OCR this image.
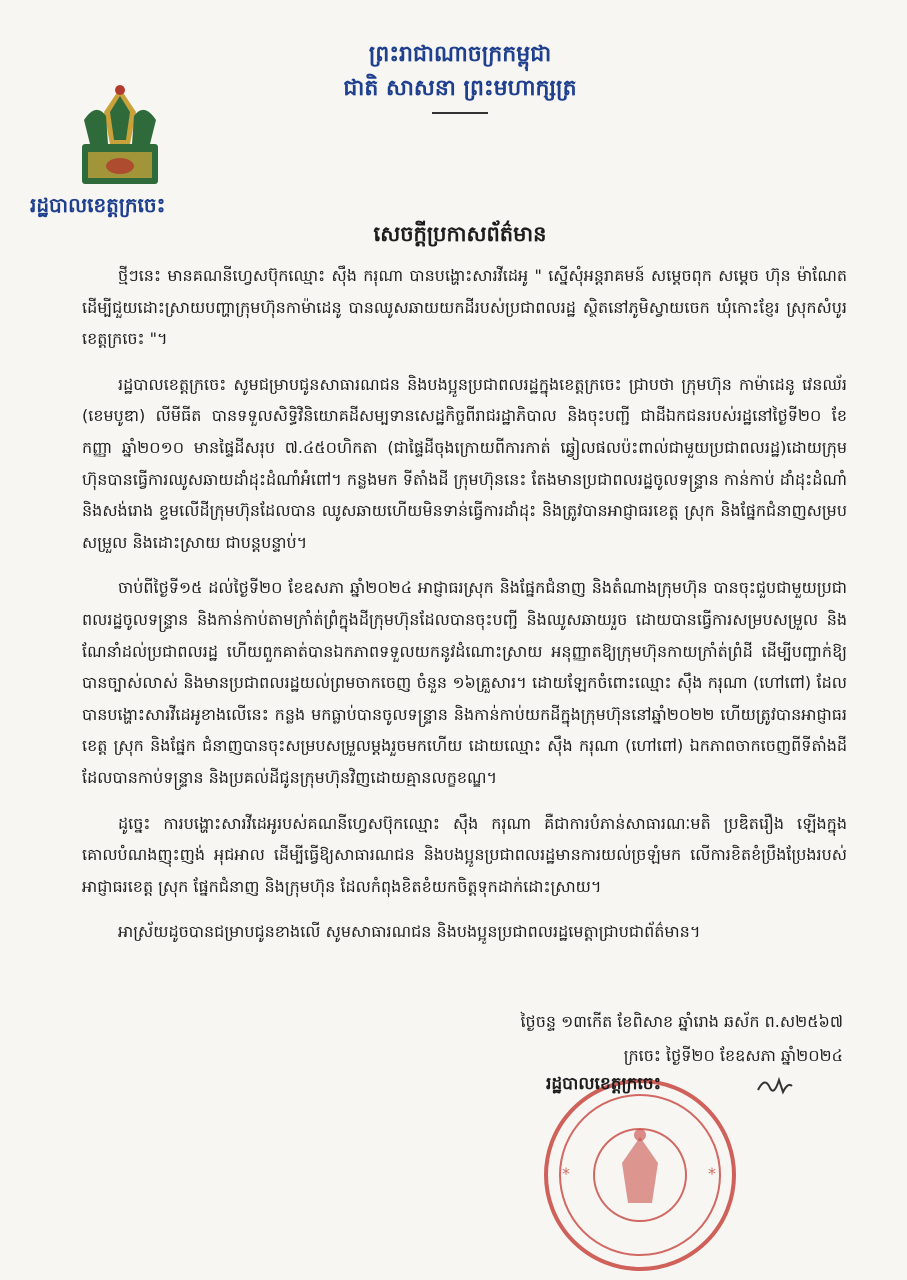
ព្រះរាជាណាចក្រកម្ពុជា
ជាតិ សាសនា ព្រះមហាក្សត្រ
រដ្ឋបាលខេត្តក្រចេះ
សេចក្ដីប្រកាសព័ត៌មាន

ថ្មីៗនេះ មានគណនីហ្វេសប៊ុកឈ្មោះ ស៊ឹង ករុណា បានបង្ហោះសារវីដេអូ " ស្នើសុំអន្តរាគមន៍ សម្ដេចពុក សម្ដេច ហ៊ុន ម៉ាណែត ដើម្បីជួយដោះស្រាយបញ្ហាក្រុមហ៊ុនកាម៉ាដេនូ បានឈូសឆាយយកដីរបស់ប្រជាពលរដ្ឋ ស្ថិតនៅភូមិស្វាយចេក ឃុំកោះខ្ញែរ ស្រុកសំបូរ ខេត្តក្រចេះ "។

រដ្ឋបាលខេត្តក្រចេះ សូមជម្រាបជូនសាធារណជន និងបងប្អូនប្រជាពលរដ្ឋក្នុងខេត្តក្រចេះ ជ្រាបថា ក្រុមហ៊ុន កាម៉ាដេនូ វេនឈ័រ (ខេមបូឌា) លីមីធីត បានទទួលសិទ្ធិវិនិយោគដីសម្បទានសេដ្ឋកិច្ចពីរាជរដ្ឋាភិបាល និងចុះបញ្ជី ជាដីឯកជនរបស់រដ្ឋនៅថ្ងៃទី២០ ខែកញ្ញា ឆ្នាំ២០១០ មានផ្ទៃដីសរុប ៧.៤៥០ហិកតា (ជាផ្ទៃដីចុងក្រោយពីការកាត់ ឆ្វៀលផលប៉ះពាល់ជាមួយប្រជាពលរដ្ឋ)ដោយក្រុមហ៊ុនបានធ្វើការឈូសឆាយដាំដុះដំណាំអំពៅ។ កន្លងមក ទីតាំងដី ក្រុមហ៊ុននេះ តែងមានប្រជាពលរដ្ឋចូលទន្ទ្រាន កាន់កាប់ ដាំដុះដំណាំ និងសង់រោង ខ្ទមលើដីក្រុមហ៊ុនដែលបាន ឈូសឆាយហើយមិនទាន់ធ្វើការដាំដុះ និងត្រូវបានអាជ្ញាធរខេត្ត ស្រុក និងផ្នែកជំនាញសម្របសម្រួល និងដោះស្រាយ ជាបន្តបន្ទាប់។

ចាប់ពីថ្ងៃទី១៥ ដល់ថ្ងៃទី២០ ខែឧសភា ឆ្នាំ២០២៤ អាជ្ញាធរស្រុក និងផ្នែកជំនាញ និងតំណាងក្រុមហ៊ុន បានចុះជួបជាមួយប្រជាពលរដ្ឋចូលទន្ទ្រាន និងកាន់កាប់តាមក្រាំត់ព្រំក្នុងដីក្រុមហ៊ុនដែលបានចុះបញ្ជី និងឈូសឆាយរួច ដោយបានធ្វើការសម្របសម្រួល និងណែនាំដល់ប្រជាពលរដ្ឋ ហើយពួកគាត់បានឯកភាពទទួលយកនូវដំណោះស្រាយ អនុញ្ញាតឱ្យក្រុមហ៊ុនកាយក្រាំត់ព្រំដី ដើម្បីបញ្ជាក់ឱ្យបានច្បាស់លាស់ និងមានប្រជាពលរដ្ឋយល់ព្រមចាកចេញ ចំនួន ១៦គ្រួសារ។ ដោយឡែកចំពោះឈ្មោះ ស៊ឹង ករុណា (ហៅពៅ) ដែលបានបង្ហោះសារវីដេអូខាងលើនេះ កន្លង មកធ្លាប់បានចូលទន្ទ្រាន និងកាន់កាប់យកដីក្នុងក្រុមហ៊ុននៅឆ្នាំ២០២២ ហើយត្រូវបានអាជ្ញាធរខេត្ត ស្រុក និងផ្នែក ជំនាញបានចុះសម្របសម្រួលម្ដងរួចមកហើយ ដោយឈ្មោះ ស៊ឹង ករុណា (ហៅពៅ) ឯកភាពចាកចេញពីទីតាំងដី ដែលបានកាប់ទន្ទ្រាន និងប្រគល់ដីជូនក្រុមហ៊ុនវិញដោយគ្មានលក្ខខណ្ឌ។

ដូច្នេះ ការបង្ហោះសារវីដេអូរបស់គណនីហ្វេសប៊ុកឈ្មោះ ស៊ឹង ករុណា គឺជាការបំភាន់សាធារណៈមតិ ប្រឌិតរឿង ឡើងក្នុងគោលបំណងញុះញង់ អុជអាល ដើម្បីធ្វើឱ្យសាធារណជន និងបងប្អូនប្រជាពលរដ្ឋមានការយល់ច្រឡំមក លើការខិតខំប្រឹងប្រែងរបស់អាជ្ញាធរខេត្ត ស្រុក ផ្នែកជំនាញ និងក្រុមហ៊ុន ដែលកំពុងខិតខំយកចិត្តទុកដាក់ដោះស្រាយ។

អាស្រ័យដូចបានជម្រាបជូនខាងលើ សូមសាធារណជន និងបងប្អូនប្រជាពលរដ្ឋមេត្តាជ្រាបជាព័ត៌មាន។

ថ្ងៃចន្ទ ១៣កើត ខែពិសាខ ឆ្នាំរោង ឆស័ក ព.ស២៥៦៧
ក្រចេះ ថ្ងៃទី២០ ខែឧសភា ឆ្នាំ២០២៤
*	*
រដ្ឋបាលខេត្តក្រចេះ
